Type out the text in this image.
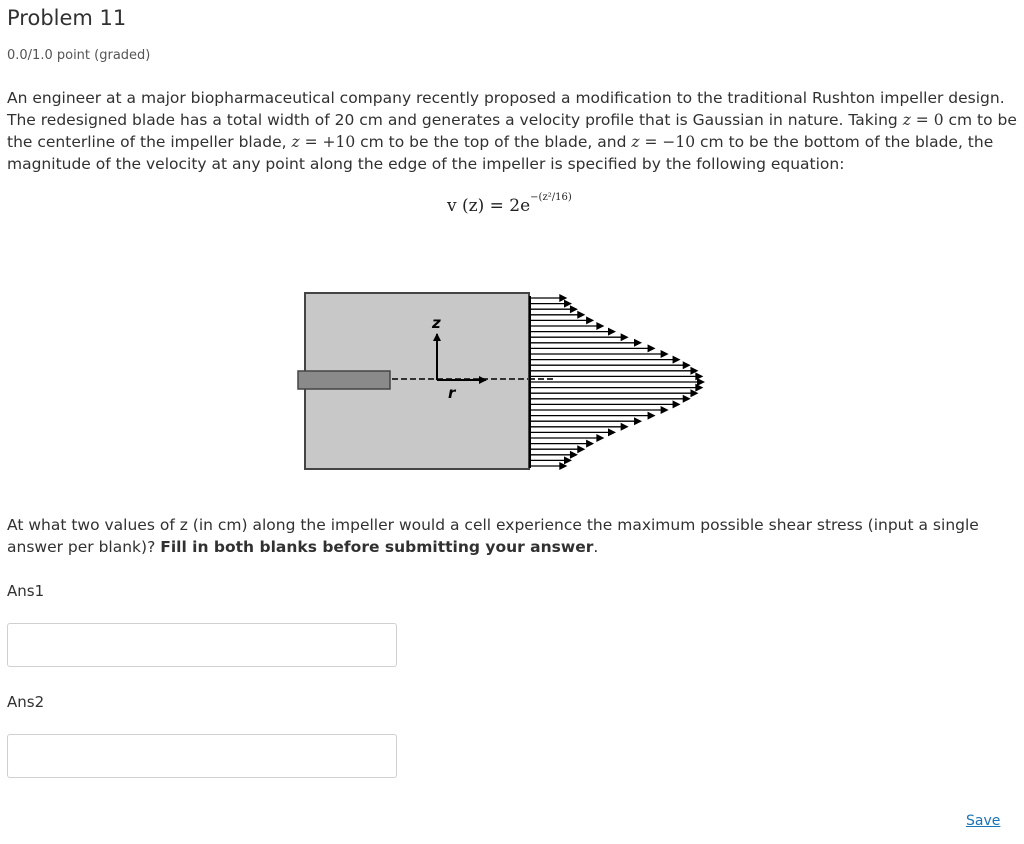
Problem 11
0.0/1.0 point (graded)

An engineer at a major biopharmaceutical company recently proposed a modification to the traditional Rushton impeller design. The redesigned blade has a total width of 20 cm and generates a velocity profile that is Gaussian in nature. Taking z = 0 cm to be the centerline of the impeller blade, z = +10 cm to be the top of the blade, and z = −10 cm to be the bottom of the blade, the magnitude of the velocity at any point along the edge of the impeller is specified by the following equation:

v $(z) = 2e^{-(z^2/16)}$
z
r

At what two values of z (in cm) along the impeller would a cell experience the maximum possible shear stress (input a single answer per blank)? Fill in both blanks before submitting your answer.

Ans1
Ans2
Save
